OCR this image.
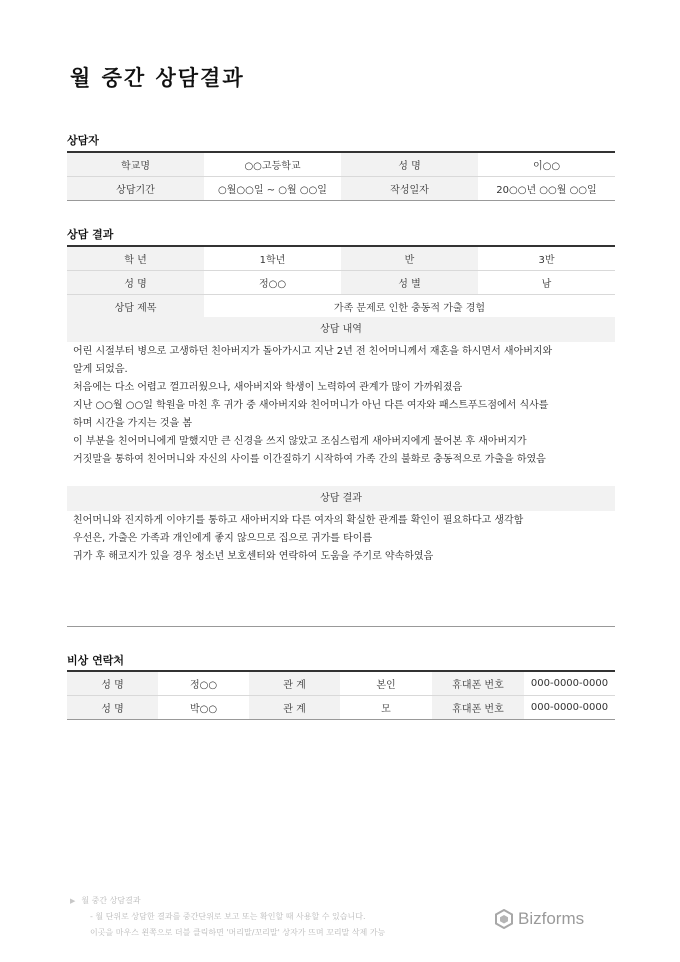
월 중간 상담결과
상담자
학교명	○○고등학교	성 명	이○○
상담기간	○월○○일 ~ ○월 ○○일	작성일자	20○○년 ○○월 ○○일
상담 결과
학 년	1학년	반	3반
성 명	정○○	성 별	남
상담 제목	가족 문제로 인한 충동적 가출 경험		
상담 내역
어린 시절부터 병으로 고생하던 친아버지가 돌아가시고 지난 2년 전 친어머니께서 재혼을 하시면서 새아버지와
알게 되었음.
처음에는 다소 어렵고 껄끄러웠으나, 새아버지와 학생이 노력하여 관계가 많이 가까워졌음
지난 ○○월 ○○일 학원을 마친 후 귀가 중 새아버지와 친어머니가 아닌 다른 여자와 패스트푸드점에서 식사를
하며 시간을 가지는 것을 봄
이 부분을 친어머니에게 말했지만 큰 신경을 쓰지 않았고 조심스럽게 새아버지에게 물어본 후 새아버지가
거짓말을 통하여 친어머니와 자신의 사이를 이간질하기 시작하여 가족 간의 불화로 충동적으로 가출을 하였음
상담 결과
친어머니와 진지하게 이야기를 통하고 새아버지와 다른 여자의 확실한 관계를 확인이 필요하다고 생각함
우선은, 가출은 가족과 개인에게 좋지 않으므로 집으로 귀가를 타이름
귀가 후 해코지가 있을 경우 청소년 보호센터와 연락하여 도움을 주기로 약속하였음
비상 연락처
성 명	정○○	관 계	본인	휴대폰 번호	000-0000-0000
성 명	박○○	관 계	모	휴대폰 번호	000-0000-0000
▶ 월 중간 상담결과
- 월 단위로 상담한 결과를 중간단위로 보고 또는 확인할 때 사용할 수 있습니다.
이곳을 마우스 왼쪽으로 더블 클릭하면 '머리말/꼬리말' 상자가 뜨며 꼬리말 삭제 가능
Bizforms
